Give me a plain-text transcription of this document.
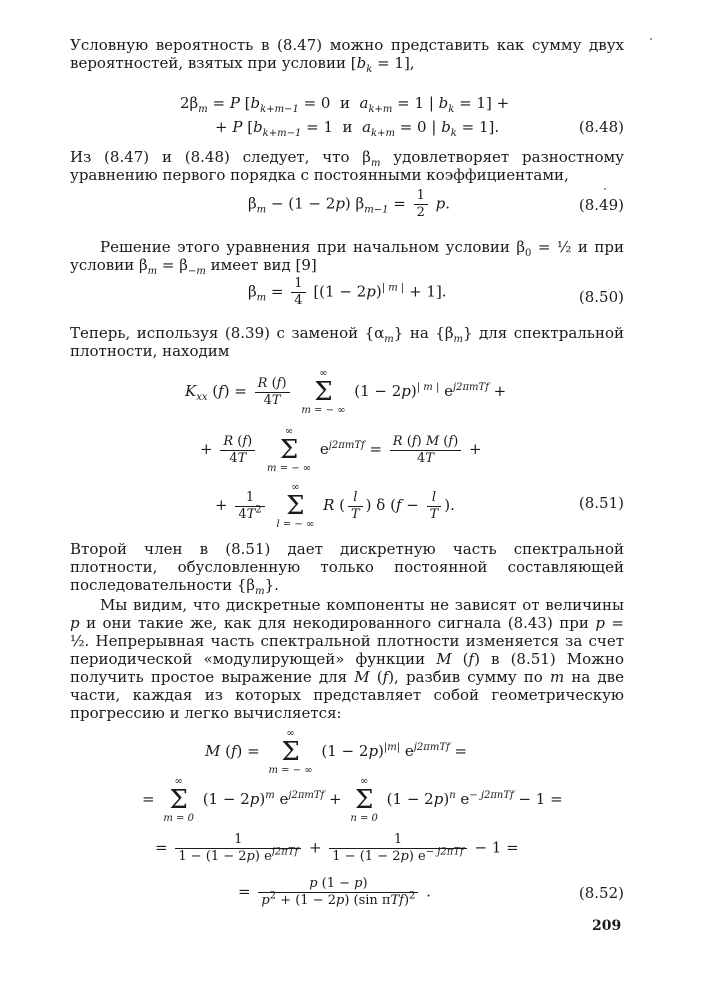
Условную вероятность в (8.47) можно представить как сумму двух вероятностей, взятых при условии $[b_k = 1]$,

$2\beta_m = P$ [$b_{k+m-1} = 0$  и  $a_{k+m} = 1$ | $b_k = 1$] +
+ P [$b_{k+m-1} = 1$  и  $a_{k+m} = 0$ | $b_k = 1$].	(8.48)

Из (8.47) и (8.48) следует, что $\beta_m$ удовлетворяет разностному уравнению первого порядка с постоянными коэффициентами,

$\beta_m - (1 - 2p) \beta_{m-1} = \frac{1}{2} p$.	(8.49)

Решение этого уравнения при начальном условии $\beta_0$ = ½ и при условии $\beta_m = \beta_{-m}$ имеет вид [9]

$\beta_m = \frac{1}{4} [(1 - 2p)^{| m |} + 1]$.	(8.50)

Теперь, используя (8.39) с заменой $\{\alpha_m\}$ на $\{\beta_m\}$ для спектральной плотности, находим

$K_{xx}$ $(f) = \frac{R (f)}{4T}$

∞
Σ
m = − ∞
$(1 - 2p)^{| m |}$ $e^{j2\pi mTf}$ +
+ $\frac{R (f)}{4T}$

∞
Σ
m = − ∞
$e^{j2\pi mTf} = \frac{R (f) M (f)}{4T}$ +
+ $\frac{1}{4T^2}$

∞
Σ
l = − ∞
R ( $\frac{l}{T}$ ) δ ($f - \frac{l}{T}$ ).	(8.51)

Второй член в (8.51) дает дискретную часть спектральной плотности, обусловленную только постоянной составляющей последовательности $\{\beta_m\}$.

Мы видим, что дискретные компоненты не зависят от величины p и они такие же, как для некодированного сигнала (8.43) при p = ½. Непрерывная часть спектральной плотности изменяется за счет периодической «модулирующей» функции M (f) в (8.51) Можно получить простое выражение для M (f), разбив сумму по m на две части, каждая из которых представляет собой геометрическую прогрессию и легко вычисляется:

M (f) =
∞
Σ
m = − ∞
$(1 - 2p)^{|m|}$ $e^{j2\pi mTf}$ =
=
∞
Σ
m = 0
$(1 - 2p)^m$ $e^{j2\pi mTf}$ +
∞
Σ
n = 0
$(1 - 2p)^n$ $e^{- j2\pi nTf} - 1$ =
= $\frac{1}{1 - (1 - 2p) e^{j2\pi Tf}} + \frac{1}{1 - (1 - 2p) e^{- j2\pi Tf}} - 1$ =
= $\frac{p (1 - p)}{p^2 + (1 - 2p) (\sin \pi Tf)^2}$ .	(8.52)
209
